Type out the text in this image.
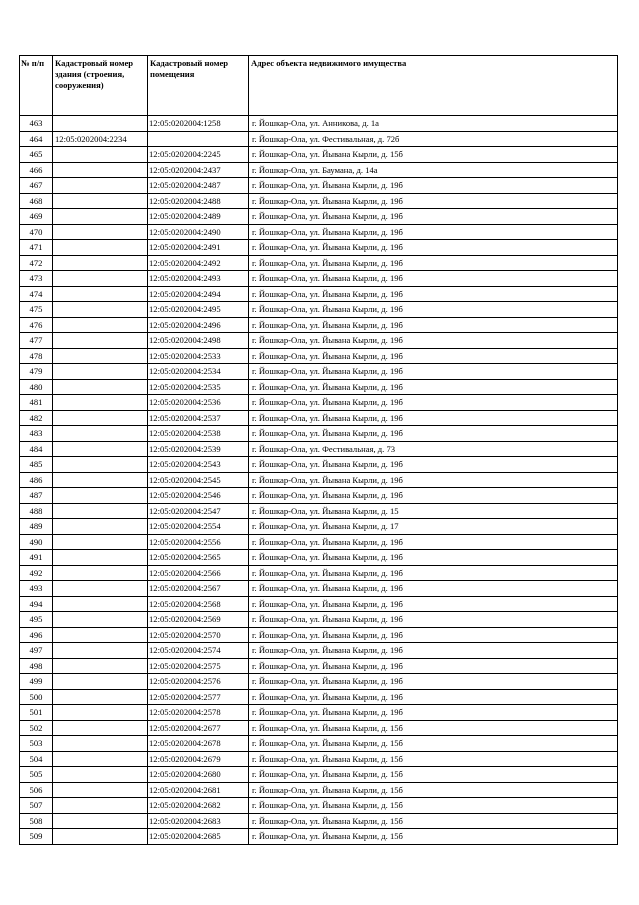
№ п/п	Кадастровый номер здания (строения, сооружения)	Кадастровый номер помещения	Адрес объекта недвижимого имущества
463		12:05:0202004:1258	г. Йошкар-Ола, ул. Анникова, д. 1а
464	12:05:0202004:2234		г. Йошкар-Ола, ул. Фестивальная, д. 72б
465		12:05:0202004:2245	г. Йошкар-Ола, ул. Йывана Кырли, д. 15б
466		12:05:0202004:2437	г. Йошкар-Ола, ул. Баумана, д. 14а
467		12:05:0202004:2487	г. Йошкар-Ола, ул. Йывана Кырли, д. 19б
468		12:05:0202004:2488	г. Йошкар-Ола, ул. Йывана Кырли, д. 19б
469		12:05:0202004:2489	г. Йошкар-Ола, ул. Йывана Кырли, д. 19б
470		12:05:0202004:2490	г. Йошкар-Ола, ул. Йывана Кырли, д. 19б
471		12:05:0202004:2491	г. Йошкар-Ола, ул. Йывана Кырли, д. 19б
472		12:05:0202004:2492	г. Йошкар-Ола, ул. Йывана Кырли, д. 19б
473		12:05:0202004:2493	г. Йошкар-Ола, ул. Йывана Кырли, д. 19б
474		12:05:0202004:2494	г. Йошкар-Ола, ул. Йывана Кырли, д. 19б
475		12:05:0202004:2495	г. Йошкар-Ола, ул. Йывана Кырли, д. 19б
476		12:05:0202004:2496	г. Йошкар-Ола, ул. Йывана Кырли, д. 19б
477		12:05:0202004:2498	г. Йошкар-Ола, ул. Йывана Кырли, д. 19б
478		12:05:0202004:2533	г. Йошкар-Ола, ул. Йывана Кырли, д. 19б
479		12:05:0202004:2534	г. Йошкар-Ола, ул. Йывана Кырли, д. 19б
480		12:05:0202004:2535	г. Йошкар-Ола, ул. Йывана Кырли, д. 19б
481		12:05:0202004:2536	г. Йошкар-Ола, ул. Йывана Кырли, д. 19б
482		12:05:0202004:2537	г. Йошкар-Ола, ул. Йывана Кырли, д. 19б
483		12:05:0202004:2538	г. Йошкар-Ола, ул. Йывана Кырли, д. 19б
484		12:05:0202004:2539	г. Йошкар-Ола, ул. Фестивальная, д. 73
485		12:05:0202004:2543	г. Йошкар-Ола, ул. Йывана Кырли, д. 19б
486		12:05:0202004:2545	г. Йошкар-Ола, ул. Йывана Кырли, д. 19б
487		12:05:0202004:2546	г. Йошкар-Ола, ул. Йывана Кырли, д. 19б
488		12:05:0202004:2547	г. Йошкар-Ола, ул. Йывана Кырли, д. 15
489		12:05:0202004:2554	г. Йошкар-Ола, ул. Йывана Кырли, д. 17
490		12:05:0202004:2556	г. Йошкар-Ола, ул. Йывана Кырли, д. 19б
491		12:05:0202004:2565	г. Йошкар-Ола, ул. Йывана Кырли, д. 19б
492		12:05:0202004:2566	г. Йошкар-Ола, ул. Йывана Кырли, д. 19б
493		12:05:0202004:2567	г. Йошкар-Ола, ул. Йывана Кырли, д. 19б
494		12:05:0202004:2568	г. Йошкар-Ола, ул. Йывана Кырли, д. 19б
495		12:05:0202004:2569	г. Йошкар-Ола, ул. Йывана Кырли, д. 19б
496		12:05:0202004:2570	г. Йошкар-Ола, ул. Йывана Кырли, д. 19б
497		12:05:0202004:2574	г. Йошкар-Ола, ул. Йывана Кырли, д. 19б
498		12:05:0202004:2575	г. Йошкар-Ола, ул. Йывана Кырли, д. 19б
499		12:05:0202004:2576	г. Йошкар-Ола, ул. Йывана Кырли, д. 19б
500		12:05:0202004:2577	г. Йошкар-Ола, ул. Йывана Кырли, д. 19б
501		12:05:0202004:2578	г. Йошкар-Ола, ул. Йывана Кырли, д. 19б
502		12:05:0202004:2677	г. Йошкар-Ола, ул. Йывана Кырли, д. 15б
503		12:05:0202004:2678	г. Йошкар-Ола, ул. Йывана Кырли, д. 15б
504		12:05:0202004:2679	г. Йошкар-Ола, ул. Йывана Кырли, д. 15б
505		12:05:0202004:2680	г. Йошкар-Ола, ул. Йывана Кырли, д. 15б
506		12:05:0202004:2681	г. Йошкар-Ола, ул. Йывана Кырли, д. 15б
507		12:05:0202004:2682	г. Йошкар-Ола, ул. Йывана Кырли, д. 15б
508		12:05:0202004:2683	г. Йошкар-Ола, ул. Йывана Кырли, д. 15б
509		12:05:0202004:2685	г. Йошкар-Ола, ул. Йывана Кырли, д. 15б
